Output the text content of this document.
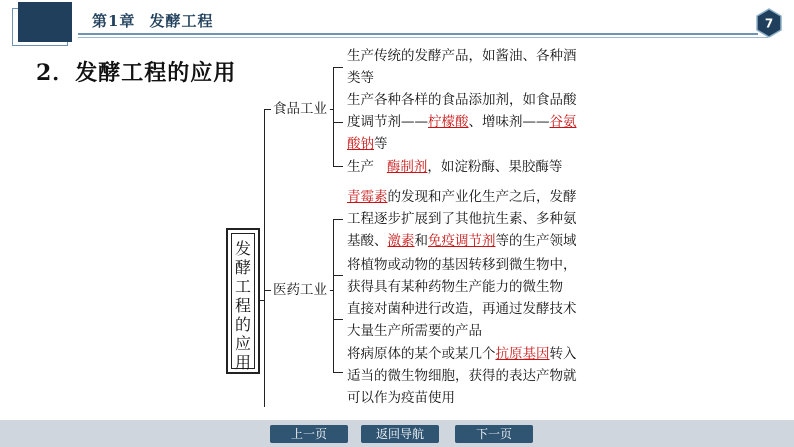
第1章 发酵工程	7
2．发酵工程的应用
发
酵
工
程
的
应
用
食品工业
生产传统的发酵产品，如酱油、各种酒
类等
生产各种各样的食品添加剂，如食品酸
度调节剂——柠檬酸、增味剂——谷氨
酸钠等
生产 酶制剂，如淀粉酶、果胶酶等
医药工业
青霉素的发现和产业化生产之后，发酵
工程逐步扩展到了其他抗生素、多种氨
基酸、激素和免疫调节剂等的生产领域
将植物或动物的基因转移到微生物中，
获得具有某种药物生产能力的微生物
直接对菌种进行改造，再通过发酵技术
大量生产所需要的产品
将病原体的某个或某几个抗原基因转入
适当的微生物细胞，获得的表达产物就
可以作为疫苗使用
上一页	返回导航	下一页
